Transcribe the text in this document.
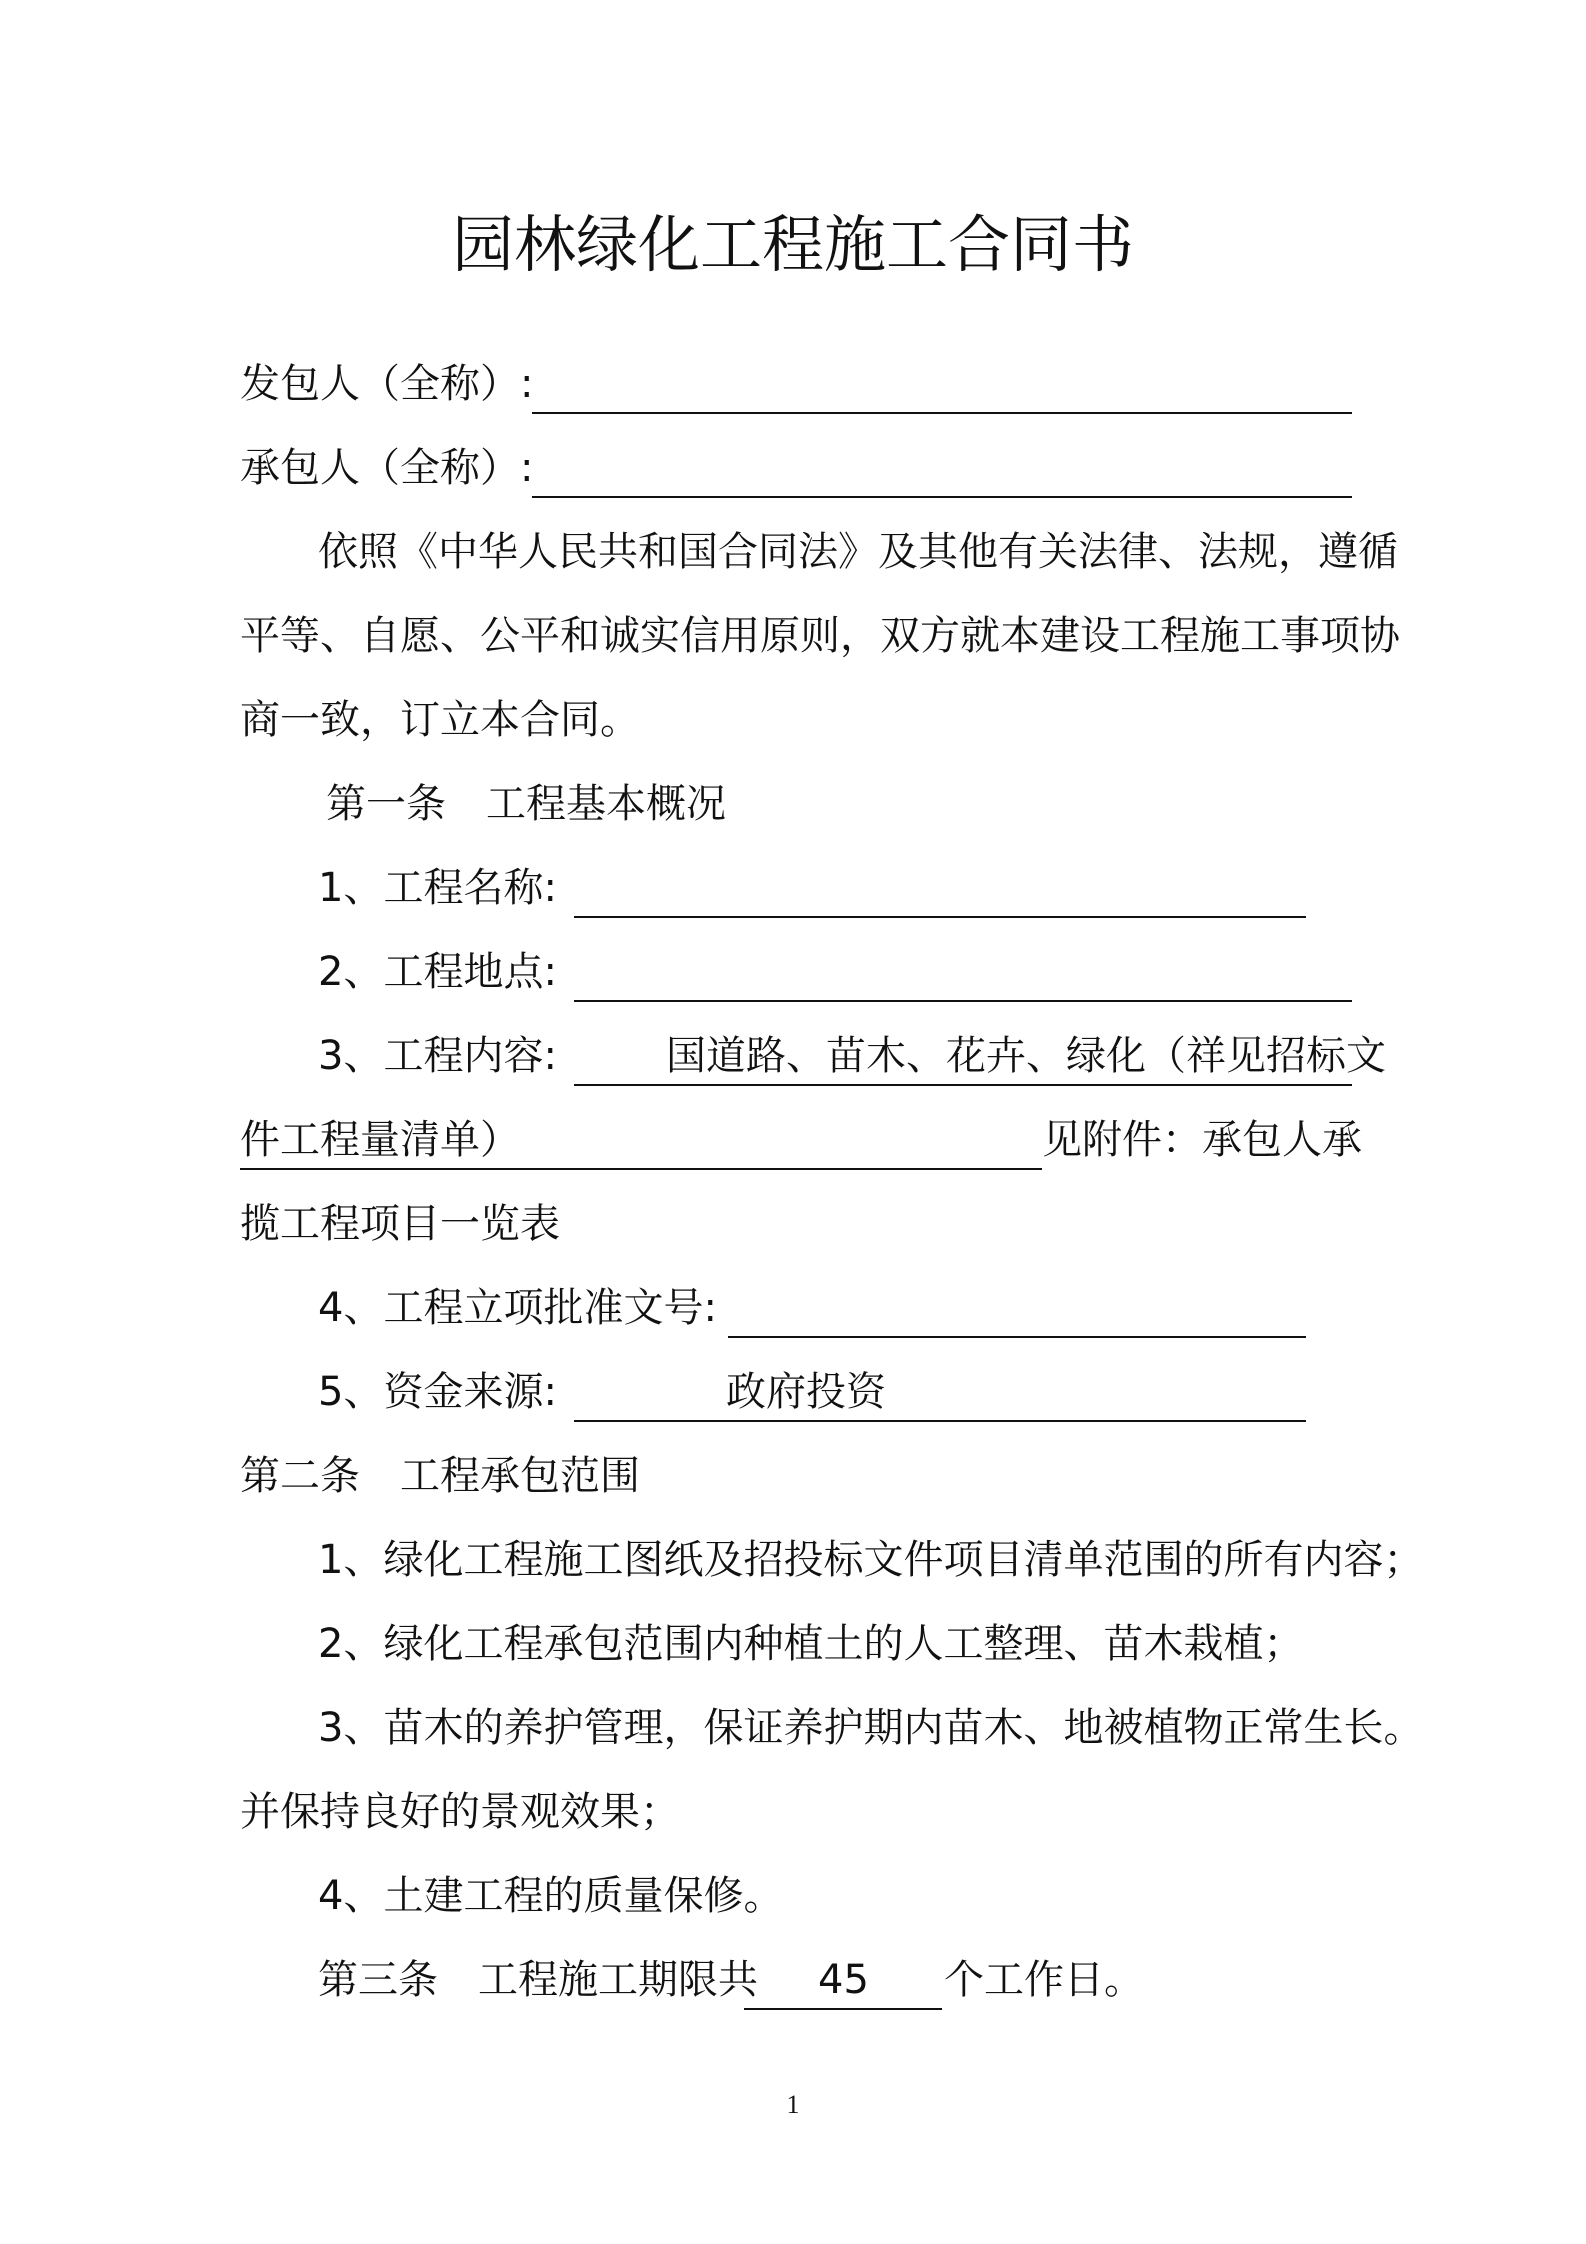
园林绿化工程施工合同书
发包人（全称）:
承包人（全称）:
依照《中华人民共和国合同法》及其他有关法律、法规，遵循
平等、自愿、公平和诚实信用原则，双方就本建设工程施工事项协
商一致，订立本合同。
第一条　工程基本概况
1、工程名称:
2、工程地点:
3、工程内容:	国道路、苗木、花卉、绿化（祥见招标文
件工程量清单）	见附件：承包人承
揽工程项目一览表
4、工程立项批准文号:
5、资金来源:	政府投资
第二条　工程承包范围
1、绿化工程施工图纸及招投标文件项目清单范围的所有内容；
2、绿化工程承包范围内种植土的人工整理、苗木栽植；
3、苗木的养护管理，保证养护期内苗木、地被植物正常生长。
并保持良好的景观效果；
4、土建工程的质量保修。
第三条　工程施工期限共 45 个工作日。
1
